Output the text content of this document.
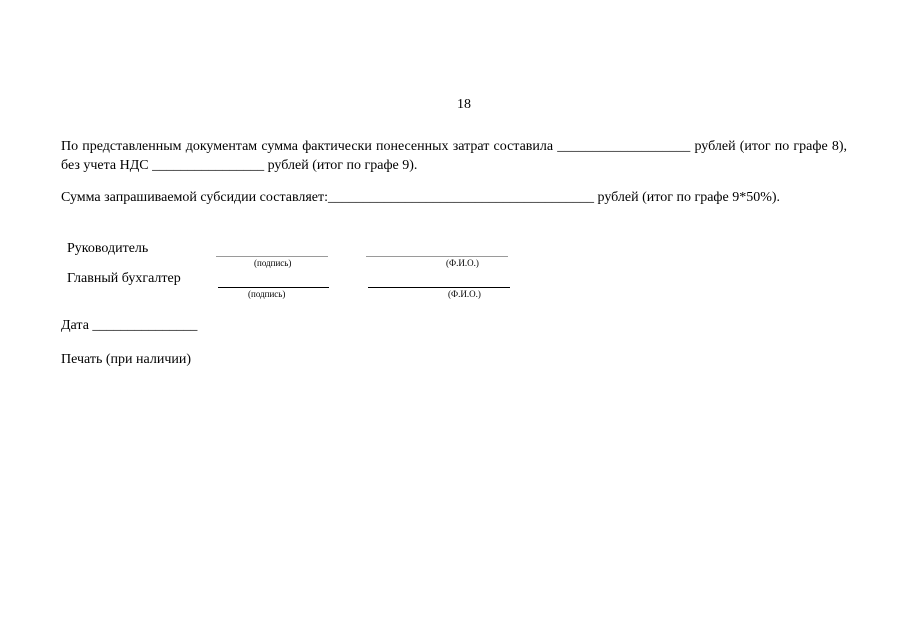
18
По представленным документам сумма фактически понесенных затрат составила ___________________ рублей (итог по графе 8), без учета НДС ________________ рублей (итог по графе 9).
Сумма запрашиваемой субсидии составляет:______________________________________ рублей (итог по графе 9*50%).
Руководитель
(подпись)	(Ф.И.О.)
Главный бухгалтер
(подпись)	(Ф.И.О.)
Дата _______________
Печать (при наличии)
